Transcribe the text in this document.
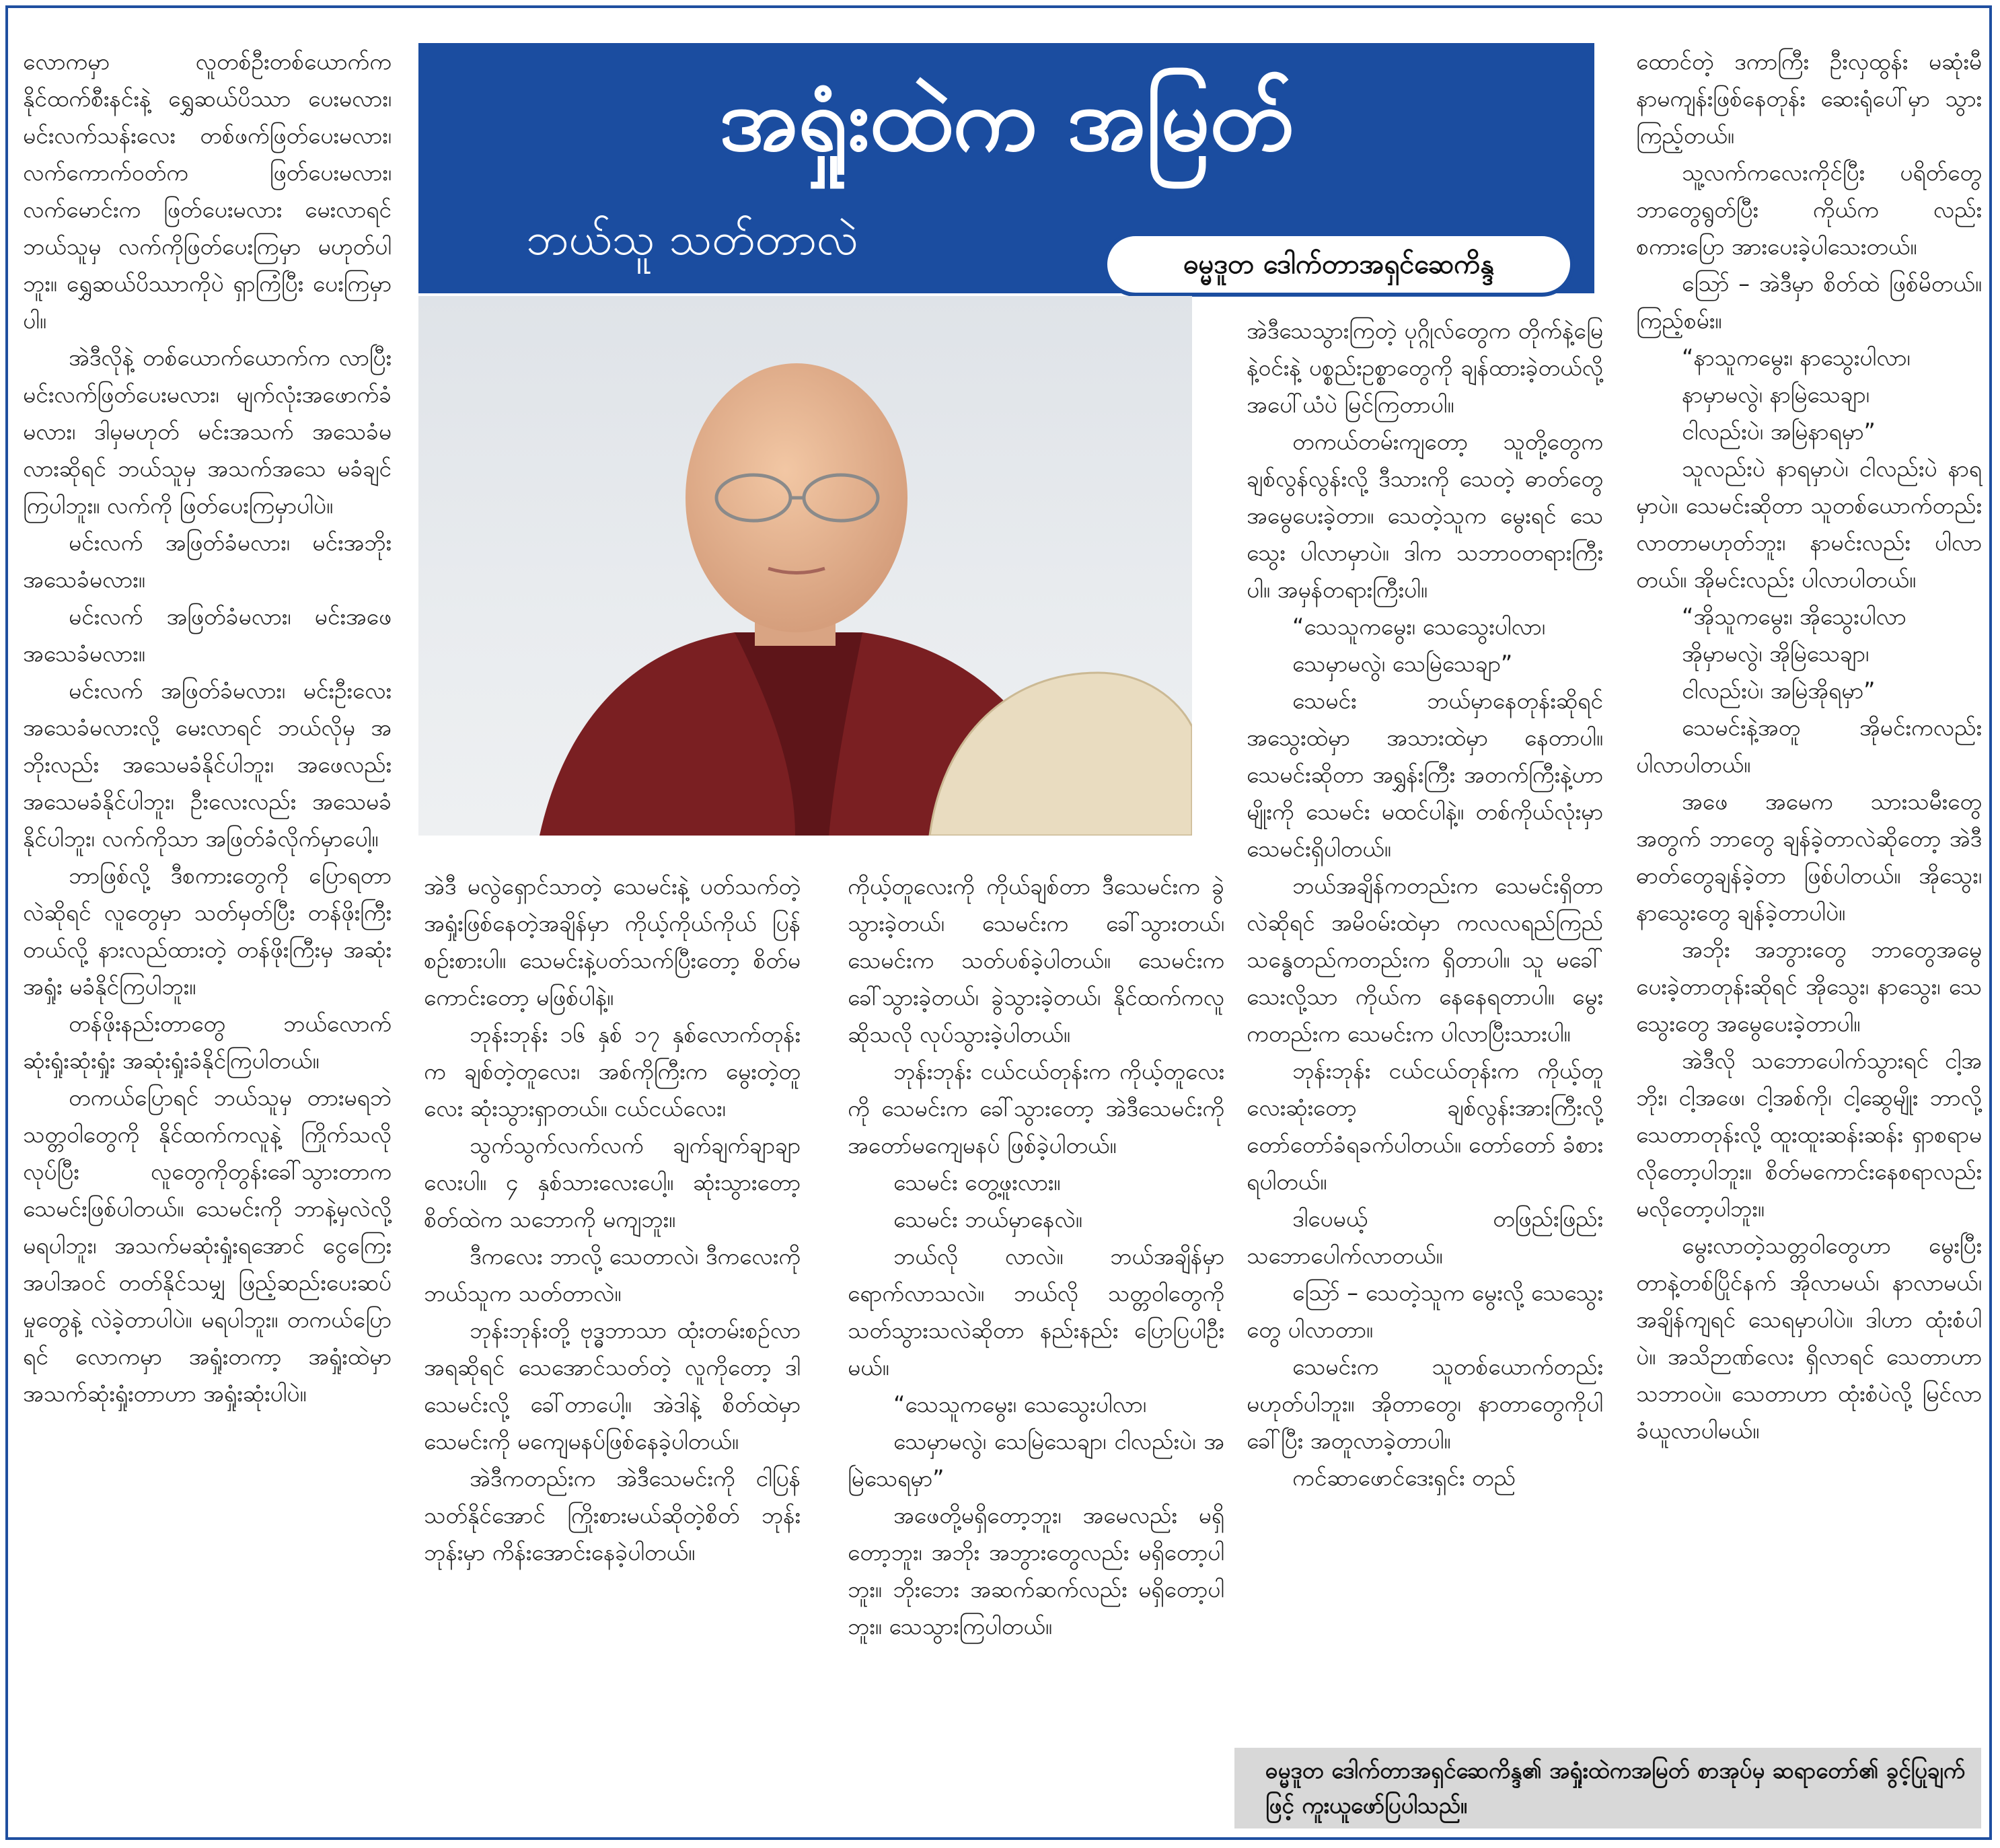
လောကမှာ လူတစ်ဦးတစ်ယောက်က နိုင်ထက်စီးနင်းနဲ့ ရွှေဆယ်ပိဿာ ပေးမလား၊ မင်းလက်သန်းလေး တစ်ဖက်ဖြတ်ပေးမလား၊ လက်ကောက်ဝတ်က ဖြတ်ပေးမလား၊ လက်မောင်းက ဖြတ်ပေးမလား မေးလာရင် ဘယ်သူမှ လက်ကိုဖြတ်ပေးကြမှာ မဟုတ်ပါဘူး။ ရွှေဆယ်ပိဿာကိုပဲ ရှာကြံပြီး ပေးကြမှာပါ။

အဲဒီလိုနဲ့ တစ်ယောက်ယောက်က လာပြီး မင်းလက်ဖြတ်ပေးမလား၊ မျက်လုံးအဖောက်ခံမလား၊ ဒါမှမဟုတ် မင်းအသက် အသေခံမလားဆိုရင် ဘယ်သူမှ အသက်အသေ မခံချင်ကြပါဘူး။ လက်ကို ဖြတ်ပေးကြမှာပါပဲ။

မင်းလက် အဖြတ်ခံမလား၊ မင်းအဘိုး အသေခံမလား။

မင်းလက် အဖြတ်ခံမလား၊ မင်းအဖေ အသေခံမလား။

မင်းလက် အဖြတ်ခံမလား၊ မင်းဦးလေး အသေခံမလားလို့ မေးလာရင် ဘယ်လိုမှ အဘိုးလည်း အသေမခံနိုင်ပါဘူး၊ အဖေလည်း အသေမခံနိုင်ပါဘူး၊ ဦးလေးလည်း အသေမခံနိုင်ပါဘူး၊ လက်ကိုသာ အဖြတ်ခံလိုက်မှာပေါ့။

ဘာဖြစ်လို့ ဒီစကားတွေကို ပြောရတာလဲဆိုရင် လူတွေမှာ သတ်မှတ်ပြီး တန်ဖိုးကြီးတယ်လို့ နားလည်ထားတဲ့ တန်ဖိုးကြီးမှ အဆုံးအရှုံး မခံနိုင်ကြပါဘူး။

တန်ဖိုးနည်းတာတွေ ဘယ်လောက် ဆုံးရှုံးဆုံးရှုံး အဆုံးရှုံးခံနိုင်ကြပါတယ်။

တကယ်ပြောရင် ဘယ်သူမှ တားမရဘဲ သတ္တဝါတွေကို နိုင်ထက်ကလူနဲ့ ကြိုက်သလိုလုပ်ပြီး လူတွေကိုတွန်းခေါ်သွားတာက သေမင်းဖြစ်ပါတယ်။ သေမင်းကို ဘာနဲ့မှလဲလို့ မရပါဘူး၊ အသက်မဆုံးရှုံးရအောင် ငွေကြေးအပါအဝင် တတ်နိုင်သမျှ ဖြည့်ဆည်းပေးဆပ်မှုတွေနဲ့ လဲခဲ့တာပါပဲ။ မရပါဘူး။ တကယ်ပြောရင် လောကမှာ အရှုံးတကာ့ အရှုံးထဲမှာ အသက်ဆုံးရှုံးတာဟာ အရှုံးဆုံးပါပဲ။

အရှုံးထဲက အမြတ်
ဘယ်သူ သတ်တာလဲ	ဓမ္မဒူတ ဒေါက်တာအရှင်ဆေကိန္ဒ

အဲဒီ မလွဲရှောင်သာတဲ့ သေမင်းနဲ့ ပတ်သက်တဲ့ အရှုံးဖြစ်နေတဲ့အချိန်မှာ ကိုယ့်ကိုယ်ကိုယ် ပြန်စဉ်းစားပါ။ သေမင်းနဲ့ပတ်သက်ပြီးတော့ စိတ်မကောင်းတော့ မဖြစ်ပါနဲ့။

ဘုန်းဘုန်း ၁၆ နှစ် ၁၇ နှစ်လောက်တုန်းက ချစ်တဲ့တူလေး၊ အစ်ကိုကြီးက မွေးတဲ့တူလေး ဆုံးသွားရှာတယ်။ ငယ်ငယ်လေး၊

သွက်သွက်လက်လက် ချက်ချက်ချာချာလေးပါ။ ၄ နှစ်သားလေးပေါ့။ ဆုံးသွားတော့ စိတ်ထဲက သဘောကို မကျဘူး။

ဒီကလေး ဘာလို့ သေတာလဲ၊ ဒီကလေးကို ဘယ်သူက သတ်တာလဲ။

ဘုန်းဘုန်းတို့ ဗုဒ္ဓဘာသာ ထုံးတမ်းစဉ်လာအရဆိုရင် သေအောင်သတ်တဲ့ လူကိုတော့ ဒါ သေမင်းလို့ ခေါ်တာပေါ့။ အဲဒါနဲ့ စိတ်ထဲမှာ သေမင်းကို မကျေမနပ်ဖြစ်နေခဲ့ပါတယ်။

အဲဒီကတည်းက အဲဒီသေမင်းကို ငါပြန်သတ်နိုင်အောင် ကြိုးစားမယ်ဆိုတဲ့စိတ် ဘုန်းဘုန်းမှာ ကိန်းအောင်းနေခဲ့ပါတယ်။

ကိုယ့်တူလေးကို ကိုယ်ချစ်တာ ဒီသေမင်းက ခွဲသွားခဲ့တယ်၊ သေမင်းက ခေါ်သွားတယ်၊ သေမင်းက သတ်ပစ်ခဲ့ပါတယ်။ သေမင်းက ခေါ်သွားခဲ့တယ်၊ ခွဲသွားခဲ့တယ်၊ နိုင်ထက်ကလူ ဆိုသလို လုပ်သွားခဲ့ပါတယ်။

ဘုန်းဘုန်း ငယ်ငယ်တုန်းက ကိုယ့်တူလေးကို သေမင်းက ခေါ်သွားတော့ အဲဒီသေမင်းကို အတော်မကျေမနပ် ဖြစ်ခဲ့ပါတယ်။

သေမင်း တွေ့ဖူးလား။

သေမင်း ဘယ်မှာနေလဲ။

ဘယ်လို လာလဲ။ ဘယ်အချိန်မှာ ရောက်လာသလဲ။ ဘယ်လို သတ္တဝါတွေကို သတ်သွားသလဲဆိုတာ နည်းနည်း ပြောပြပါဦးမယ်။

“သေသူကမွေး၊ သေသွေးပါလာ၊

သေမှာမလွဲ၊ သေမြဲသေချာ၊ ငါလည်းပဲ၊ အမြဲသေရမှာ”

အဖေတို့မရှိတော့ဘူး၊ အမေလည်း မရှိတော့ဘူး၊ အဘိုး အဘွားတွေလည်း မရှိတော့ပါဘူး။ ဘိုးဘေး အဆက်ဆက်လည်း မရှိတော့ပါဘူး။ သေသွားကြပါတယ်။

အဲဒီသေသွားကြတဲ့ ပုဂ္ဂိုလ်တွေက တိုက်နဲ့မြေနဲ့ဝင်းနဲ့ ပစ္စည်းဥစ္စာတွေကို ချန်ထားခဲ့တယ်လို့ အပေါ်ယံပဲ မြင်ကြတာပါ။

တကယ်တမ်းကျတော့ သူတို့တွေက ချစ်လွန်လွန်းလို့ ဒီသားကို သေတဲ့ ဓာတ်တွေ အမွေပေးခဲ့တာ။ သေတဲ့သူက မွေးရင် သေသွေး ပါလာမှာပဲ။ ဒါက သဘာဝတရားကြီးပါ။ အမှန်တရားကြီးပါ။

“သေသူကမွေး၊ သေသွေးပါလာ၊

သေမှာမလွဲ၊ သေမြဲသေချာ”

သေမင်း ဘယ်မှာနေတုန်းဆိုရင် အသွေးထဲမှာ အသားထဲမှာ နေတာပါ။ သေမင်းဆိုတာ အရွှန်းကြီး အတက်ကြီးနဲ့ဟာမျိုးကို သေမင်း မထင်ပါနဲ့။ တစ်ကိုယ်လုံးမှာ သေမင်းရှိပါတယ်။

ဘယ်အချိန်ကတည်းက သေမင်းရှိတာလဲဆိုရင် အမိဝမ်းထဲမှာ ကလလရည်ကြည် သန္ဓေတည်ကတည်းက ရှိတာပါ။ သူ မခေါ်သေးလို့သာ ကိုယ်က နေနေရတာပါ။ မွေးကတည်းက သေမင်းက ပါလာပြီးသားပါ။

ဘုန်းဘုန်း ငယ်ငယ်တုန်းက ကိုယ့်တူလေးဆုံးတော့ ချစ်လွန်းအားကြီးလို့ တော်တော်ခံရခက်ပါတယ်။ တော်တော် ခံစားရပါတယ်။

ဒါပေမယ့် တဖြည်းဖြည်း သဘောပေါက်လာတယ်။

ဪ – သေတဲ့သူက မွေးလို့ သေသွေးတွေ ပါလာတာ။

သေမင်းက သူတစ်ယောက်တည်း မဟုတ်ပါဘူး။ အိုတာတွေ၊ နာတာတွေကိုပါခေါ်ပြီး အတူလာခဲ့တာပါ။

ကင်ဆာဖောင်ဒေးရှင်း တည်

ထောင်တဲ့ ဒကာကြီး ဦးလှထွန်း မဆုံးမီ နာမကျန်းဖြစ်နေတုန်း ဆေးရုံပေါ်မှာ သွားကြည့်တယ်။

သူ့လက်ကလေးကိုင်ပြီး ပရိတ်တွေ ဘာတွေရွတ်ပြီး ကိုယ်က လည်း စကားပြော အားပေးခဲ့ပါသေးတယ်။

ဪ – အဲဒီမှာ စိတ်ထဲ ဖြစ်မိတယ်။ ကြည့်စမ်း။

“နာသူကမွေး၊ နာသွေးပါလာ၊

နာမှာမလွဲ၊ နာမြဲသေချာ၊

ငါလည်းပဲ၊ အမြဲနာရမှာ”

သူလည်းပဲ နာရမှာပဲ၊ ငါလည်းပဲ နာရမှာပဲ။ သေမင်းဆိုတာ သူတစ်ယောက်တည်း လာတာမဟုတ်ဘူး၊ နာမင်းလည်း ပါလာတယ်။ အိုမင်းလည်း ပါလာပါတယ်။

“အိုသူကမွေး၊ အိုသွေးပါလာ

အိုမှာမလွဲ၊ အိုမြဲသေချာ၊

ငါလည်းပဲ၊ အမြဲအိုရမှာ”

သေမင်းနဲ့အတူ အိုမင်းကလည်း ပါလာပါတယ်။

အဖေ အမေက သားသမီးတွေအတွက် ဘာတွေ ချန်ခဲ့တာလဲဆိုတော့ အဲဒီဓာတ်တွေချန်ခဲ့တာ ဖြစ်ပါတယ်။ အိုသွေး၊ နာသွေးတွေ ချန်ခဲ့တာပါပဲ။

အဘိုး အဘွားတွေ ဘာတွေအမွေ ပေးခဲ့တာတုန်းဆိုရင် အိုသွေး၊ နာသွေး၊ သေသွေးတွေ အမွေပေးခဲ့တာပါ။

အဲဒီလို သဘောပေါက်သွားရင် ငါ့အဘိုး၊ ငါ့အဖေ၊ ငါ့အစ်ကို၊ ငါ့ဆွေမျိုး ဘာလို့ သေတာတုန်းလို့ ထူးထူးဆန်းဆန်း ရှာစရာမလိုတော့ပါဘူး။ စိတ်မကောင်းနေစရာလည်း မလိုတော့ပါဘူး။

မွေးလာတဲ့သတ္တဝါတွေဟာ မွေးပြီးတာနဲ့တစ်ပြိုင်နက် အိုလာမယ်၊ နာလာမယ်၊ အချိန်ကျရင် သေရမှာပါပဲ။ ဒါဟာ ထုံးစံပါပဲ။ အသိဉာဏ်လေး ရှိလာရင် သေတာဟာ သဘာဝပဲ။ သေတာဟာ ထုံးစံပဲလို့ မြင်လာ ခံယူလာပါမယ်။

ဓမ္မဒူတ ဒေါက်တာအရှင်ဆေကိန္ဒ၏ အရှုံးထဲကအမြတ် စာအုပ်မှ ဆရာတော်၏ ခွင့်ပြုချက်ဖြင့် ကူးယူဖော်ပြပါသည်။
